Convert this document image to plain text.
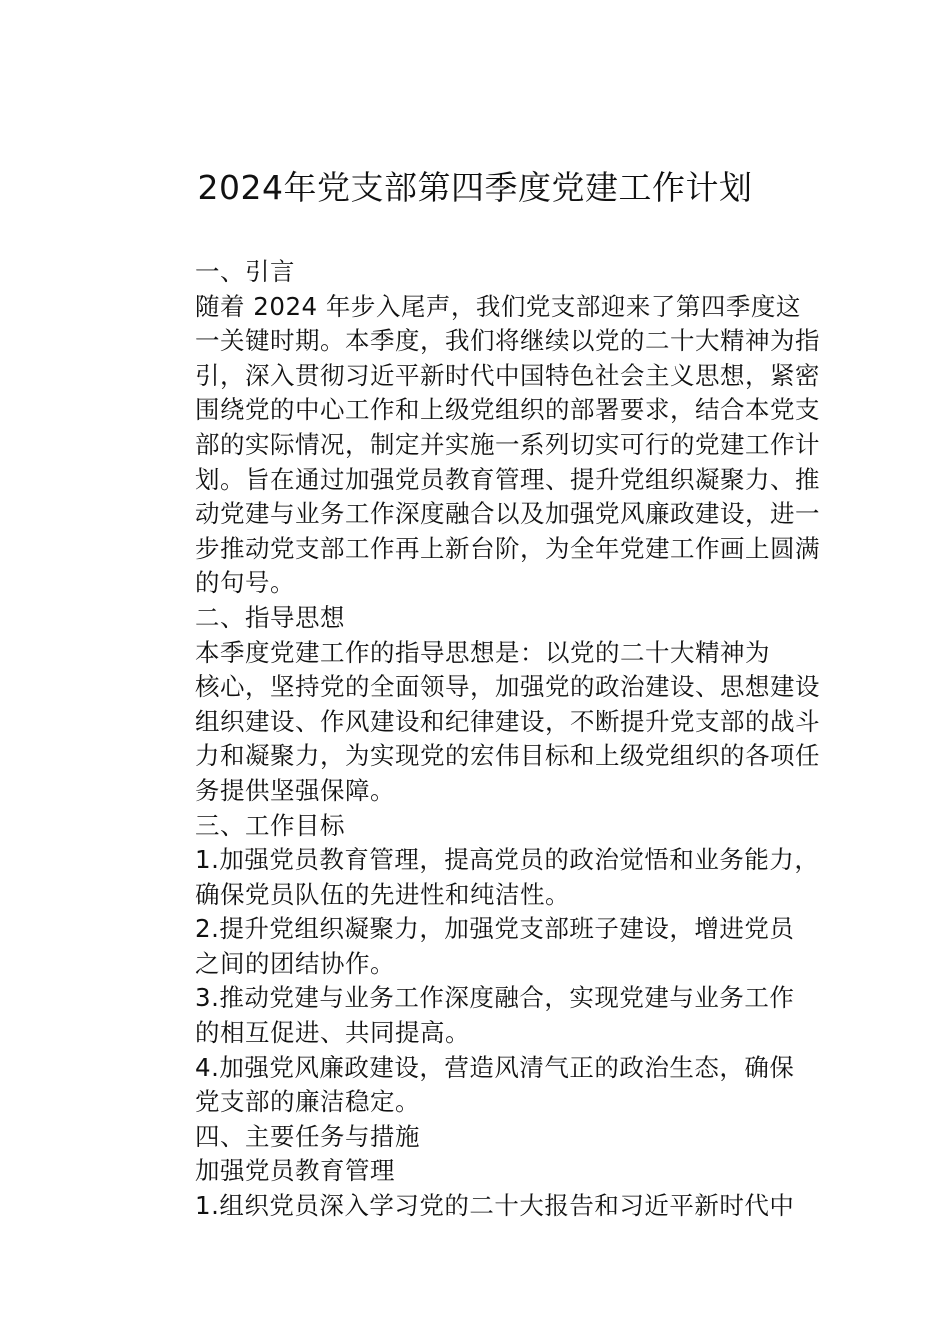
2024年党支部第四季度党建工作计划

一、引言

随着 2024 年步入尾声，我们党支部迎来了第四季度这
一关键时期。本季度，我们将继续以党的二十大精神为指
引，深入贯彻习近平新时代中国特色社会主义思想，紧密
围绕党的中心工作和上级党组织的部署要求，结合本党支
部的实际情况，制定并实施一系列切实可行的党建工作计
划。旨在通过加强党员教育管理、提升党组织凝聚力、推
动党建与业务工作深度融合以及加强党风廉政建设，进一
步推动党支部工作再上新台阶，为全年党建工作画上圆满
的句号。

二、指导思想

本季度党建工作的指导思想是：以党的二十大精神为
核心，坚持党的全面领导，加强党的政治建设、思想建设
组织建设、作风建设和纪律建设，不断提升党支部的战斗
力和凝聚力，为实现党的宏伟目标和上级党组织的各项任
务提供坚强保障。

三、工作目标

1.加强党员教育管理，提高党员的政治觉悟和业务能力，
确保党员队伍的先进性和纯洁性。

2.提升党组织凝聚力，加强党支部班子建设，增进党员
之间的团结协作。

3.推动党建与业务工作深度融合，实现党建与业务工作
的相互促进、共同提高。

4.加强党风廉政建设，营造风清气正的政治生态，确保
党支部的廉洁稳定。

四、主要任务与措施

加强党员教育管理

1.组织党员深入学习党的二十大报告和习近平新时代中
